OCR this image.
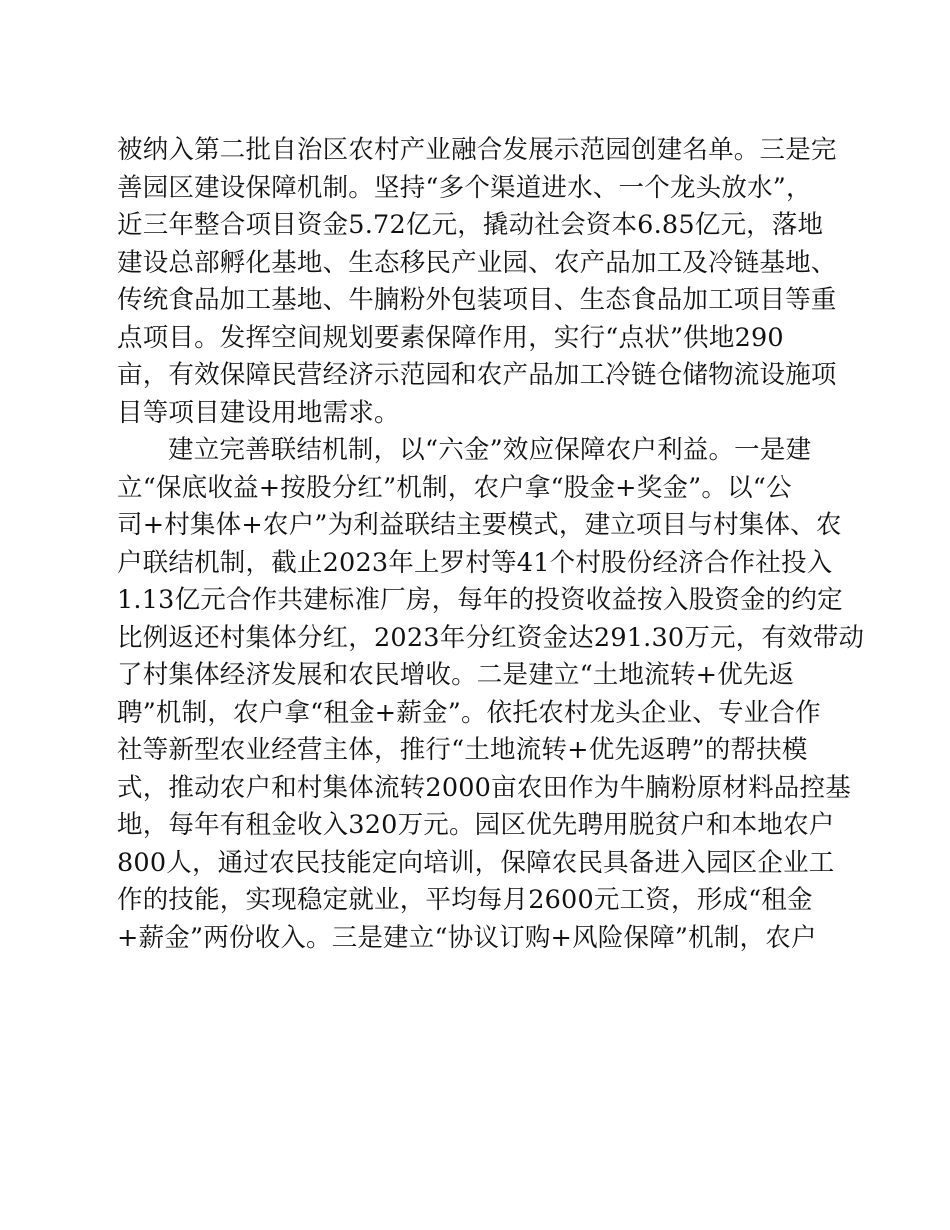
被纳入第二批自治区农村产业融合发展示范园创建名单。三是完
善园区建设保障机制。坚持“多个渠道进水、一个龙头放水”，
近三年整合项目资金5.72亿元，撬动社会资本6.85亿元，落地
建设总部孵化基地、生态移民产业园、农产品加工及冷链基地、
传统食品加工基地、牛腩粉外包装项目、生态食品加工项目等重
点项目。发挥空间规划要素保障作用，实行“点状”供地290
亩，有效保障民营经济示范园和农产品加工冷链仓储物流设施项
目等项目建设用地需求。
建立完善联结机制，以“六金”效应保障农户利益。一是建
立“保底收益+按股分红”机制，农户拿“股金+奖金”。以“公
司+村集体+农户”为利益联结主要模式，建立项目与村集体、农
户联结机制，截止2023年上罗村等41个村股份经济合作社投入
1.13亿元合作共建标准厂房，每年的投资收益按入股资金的约定
比例返还村集体分红，2023年分红资金达291.30万元，有效带动
了村集体经济发展和农民增收。二是建立“土地流转+优先返
聘”机制，农户拿“租金+薪金”。依托农村龙头企业、专业合作
社等新型农业经营主体，推行“土地流转+优先返聘”的帮扶模
式，推动农户和村集体流转2000亩农田作为牛腩粉原材料品控基
地，每年有租金收入320万元。园区优先聘用脱贫户和本地农户
800人，通过农民技能定向培训，保障农民具备进入园区企业工
作的技能，实现稳定就业，平均每月2600元工资，形成“租金
+薪金”两份收入。三是建立“协议订购+风险保障”机制，农户
